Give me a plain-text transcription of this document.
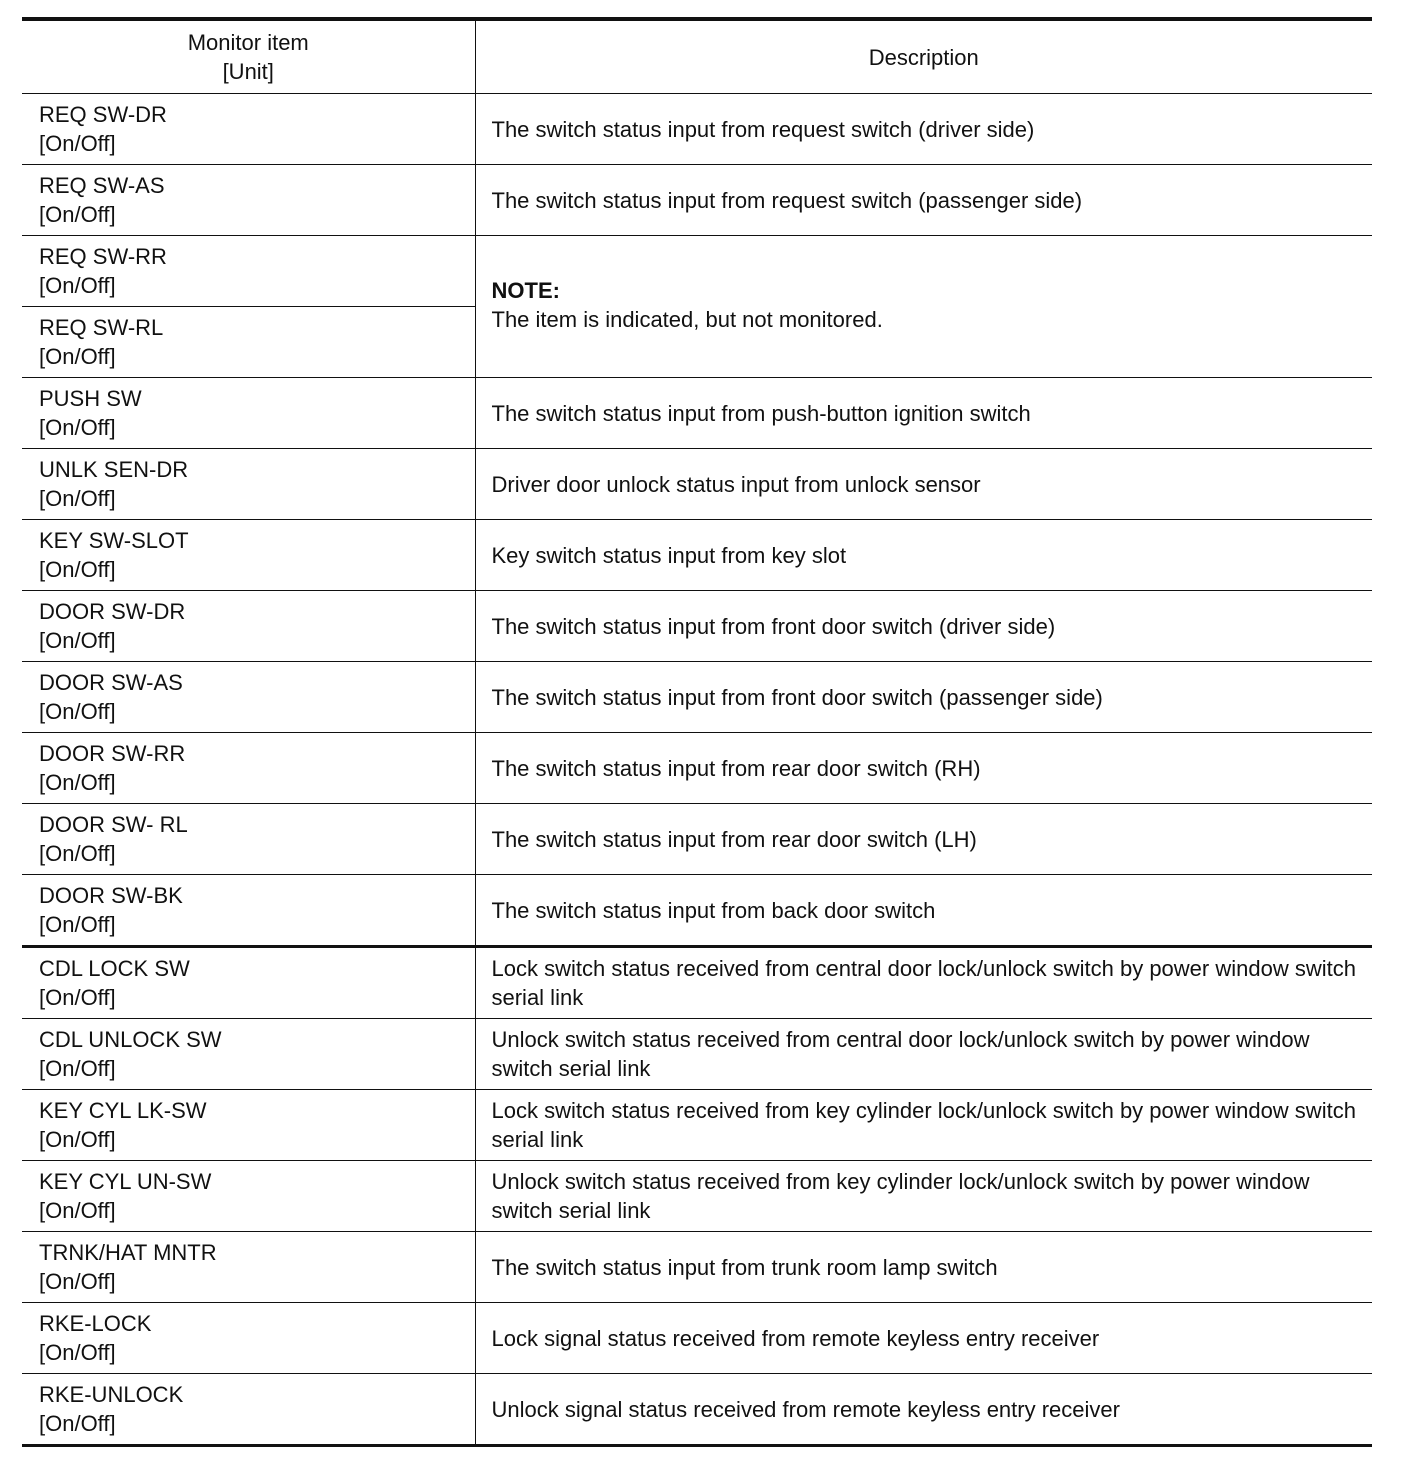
Monitor item
[Unit]	Description

REQ SW-DR
[On/Off]	The switch status input from request switch (driver side)

REQ SW-AS
[On/Off]	The switch status input from request switch (passenger side)

REQ SW-RR
[On/Off]	NOTE:
The item is indicated, but not monitored.

REQ SW-RL
[On/Off]	

PUSH SW
[On/Off]	The switch status input from push-button ignition switch

UNLK SEN-DR
[On/Off]	Driver door unlock status input from unlock sensor

KEY SW-SLOT
[On/Off]	Key switch status input from key slot

DOOR SW-DR
[On/Off]	The switch status input from front door switch (driver side)

DOOR SW-AS
[On/Off]	The switch status input from front door switch (passenger side)

DOOR SW-RR
[On/Off]	The switch status input from rear door switch (RH)

DOOR SW- RL
[On/Off]	The switch status input from rear door switch (LH)

DOOR SW-BK
[On/Off]	The switch status input from back door switch

CDL LOCK SW
[On/Off]	Lock switch status received from central door lock/unlock switch by power window switch serial link

CDL UNLOCK SW
[On/Off]	Unlock switch status received from central door lock/unlock switch by power window switch serial link

KEY CYL LK-SW
[On/Off]	Lock switch status received from key cylinder lock/unlock switch by power window switch serial link

KEY CYL UN-SW
[On/Off]	Unlock switch status received from key cylinder lock/unlock switch by power window switch serial link

TRNK/HAT MNTR
[On/Off]	The switch status input from trunk room lamp switch

RKE-LOCK
[On/Off]	Lock signal status received from remote keyless entry receiver

RKE-UNLOCK
[On/Off]	Unlock signal status received from remote keyless entry receiver
